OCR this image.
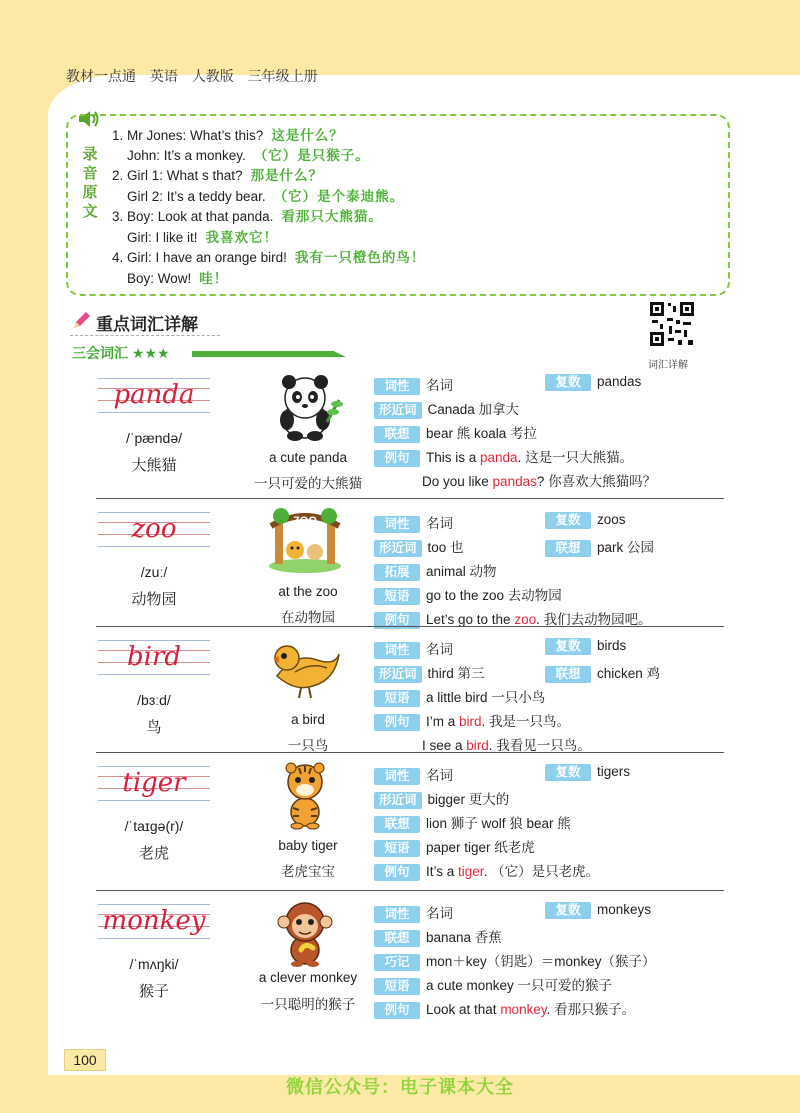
教材一点通 英语 人教版 三年级上册
录
音
原
文
1. Mr Jones: What’s this? 这是什么？
John: It’s a monkey. （它）是只猴子。
2. Girl 1: What s that? 那是什么？
Girl 2: It’s a teddy bear. （它）是个泰迪熊。
3. Boy: Look at that panda. 看那只大熊猫。
Girl: I like it! 我喜欢它！
4. Girl: I have an orange bird! 我有一只橙色的鸟！
Boy: Wow! 哇！
重点词汇详解
词汇详解
三会词汇 ★★★
panda
/ˈpændə/
大熊猫	a cute panda
一只可爱的大熊猫
词性 名词	复数 pandas
形近词 Canada 加拿大
联想 bear 熊 koala 考拉
例句 This is a panda. 这是一只大熊猫。
Do you like pandas? 你喜欢大熊猫吗？
zoo
/zuː/
动物园
ZOO
at the zoo
在动物园
词性 名词	复数 zoos
形近词 too 也	联想 park 公园
拓展 animal 动物
短语 go to the zoo 去动物园
例句 Let’s go to the zoo. 我们去动物园吧。
bird
/bɜːd/
鸟	a bird
一只鸟
词性 名词	复数 birds
形近词 third 第三	联想 chicken 鸡
短语 a little bird 一只小鸟
例句 I’m a bird. 我是一只鸟。
I see a bird. 我看见一只鸟。
tiger
/ˈtaɪɡə(r)/
老虎	baby tiger
老虎宝宝
词性 名词	复数 tigers
形近词 bigger 更大的
联想 lion 狮子 wolf 狼 bear 熊
短语 paper tiger 纸老虎
例句 It’s a tiger. （它）是只老虎。
monkey
/ˈmʌŋki/
猴子
a clever monkey
一只聪明的猴子
词性 名词	复数 monkeys
联想 banana 香蕉
巧记 mon＋key（钥匙）＝monkey（猴子）
短语 a cute monkey 一只可爱的猴子
例句 Look at that monkey. 看那只猴子。
100
微信公众号：电子课本大全
